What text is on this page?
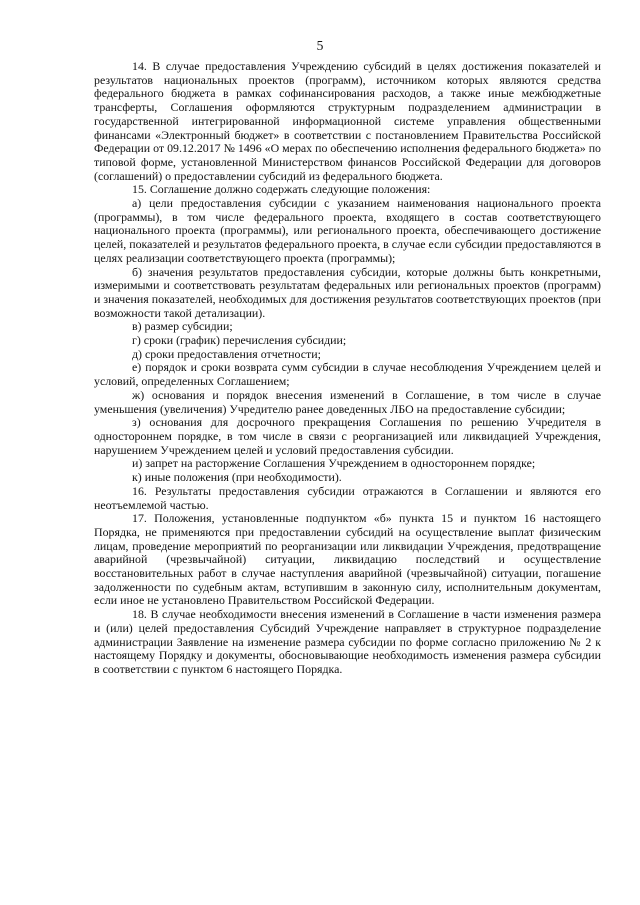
5

14. В случае предоставления Учреждению субсидий в целях достижения показателей и результатов национальных проектов (программ), источником которых являются средства федерального бюджета в рамках софинансирования расходов, а также иные межбюджетные трансферты, Соглашения оформляются структурным подразделением администрации в государственной интегрированной информационной системе управления общественными финансами «Электронный бюджет» в соответствии с постановлением Правительства Российской Федерации от 09.12.2017 № 1496 «О мерах по обеспечению исполнения федерального бюджета» по типовой форме, установленной Министерством финансов Российской Федерации для договоров (соглашений) о предоставлении субсидий из федерального бюджета.

15. Соглашение должно содержать следующие положения:

а) цели предоставления субсидии с указанием наименования национального проекта (программы), в том числе федерального проекта, входящего в состав соответствующего национального проекта (программы), или регионального проекта, обеспечивающего достижение целей, показателей и результатов федерального проекта, в случае если субсидии предоставляются в целях реализации соответствующего проекта (программы);

б) значения результатов предоставления субсидии, которые должны быть конкретными, измеримыми и соответствовать результатам федеральных или региональных проектов (программ) и значения показателей, необходимых для достижения результатов соответствующих проектов (при возможности такой детализации).

в) размер субсидии;

г) сроки (график) перечисления субсидии;

д) сроки предоставления отчетности;

е) порядок и сроки возврата сумм субсидии в случае несоблюдения Учреждением целей и условий, определенных Соглашением;

ж) основания и порядок внесения изменений в Соглашение, в том числе в случае уменьшения (увеличения) Учредителю ранее доведенных ЛБО на предоставление субсидии;

з) основания для досрочного прекращения Соглашения по решению Учредителя в одностороннем порядке, в том числе в связи с реорганизацией или ликвидацией Учреждения, нарушением Учреждением целей и условий предоставления субсидии.

и) запрет на расторжение Соглашения Учреждением в одностороннем порядке;

к) иные положения (при необходимости).

16. Результаты предоставления субсидии отражаются в Соглашении и являются его неотъемлемой частью.

17. Положения, установленные подпунктом «б» пункта 15 и пунктом 16 настоящего Порядка, не применяются при предоставлении субсидий на осуществление выплат физическим лицам, проведение мероприятий по реорганизации или ликвидации Учреждения, предотвращение аварийной (чрезвычайной) ситуации, ликвидацию последствий и осуществление восстановительных работ в случае наступления аварийной (чрезвычайной) ситуации, погашение задолженности по судебным актам, вступившим в законную силу, исполнительным документам, если иное не установлено Правительством Российской Федерации.

18. В случае необходимости внесения изменений в Соглашение в части изменения размера и (или) целей предоставления Субсидий Учреждение направляет в структурное подразделение администрации Заявление на изменение размера субсидии по форме согласно приложению № 2 к настоящему Порядку и документы, обосновывающие необходимость изменения размера субсидии в соответствии с пунктом 6 настоящего Порядка.
